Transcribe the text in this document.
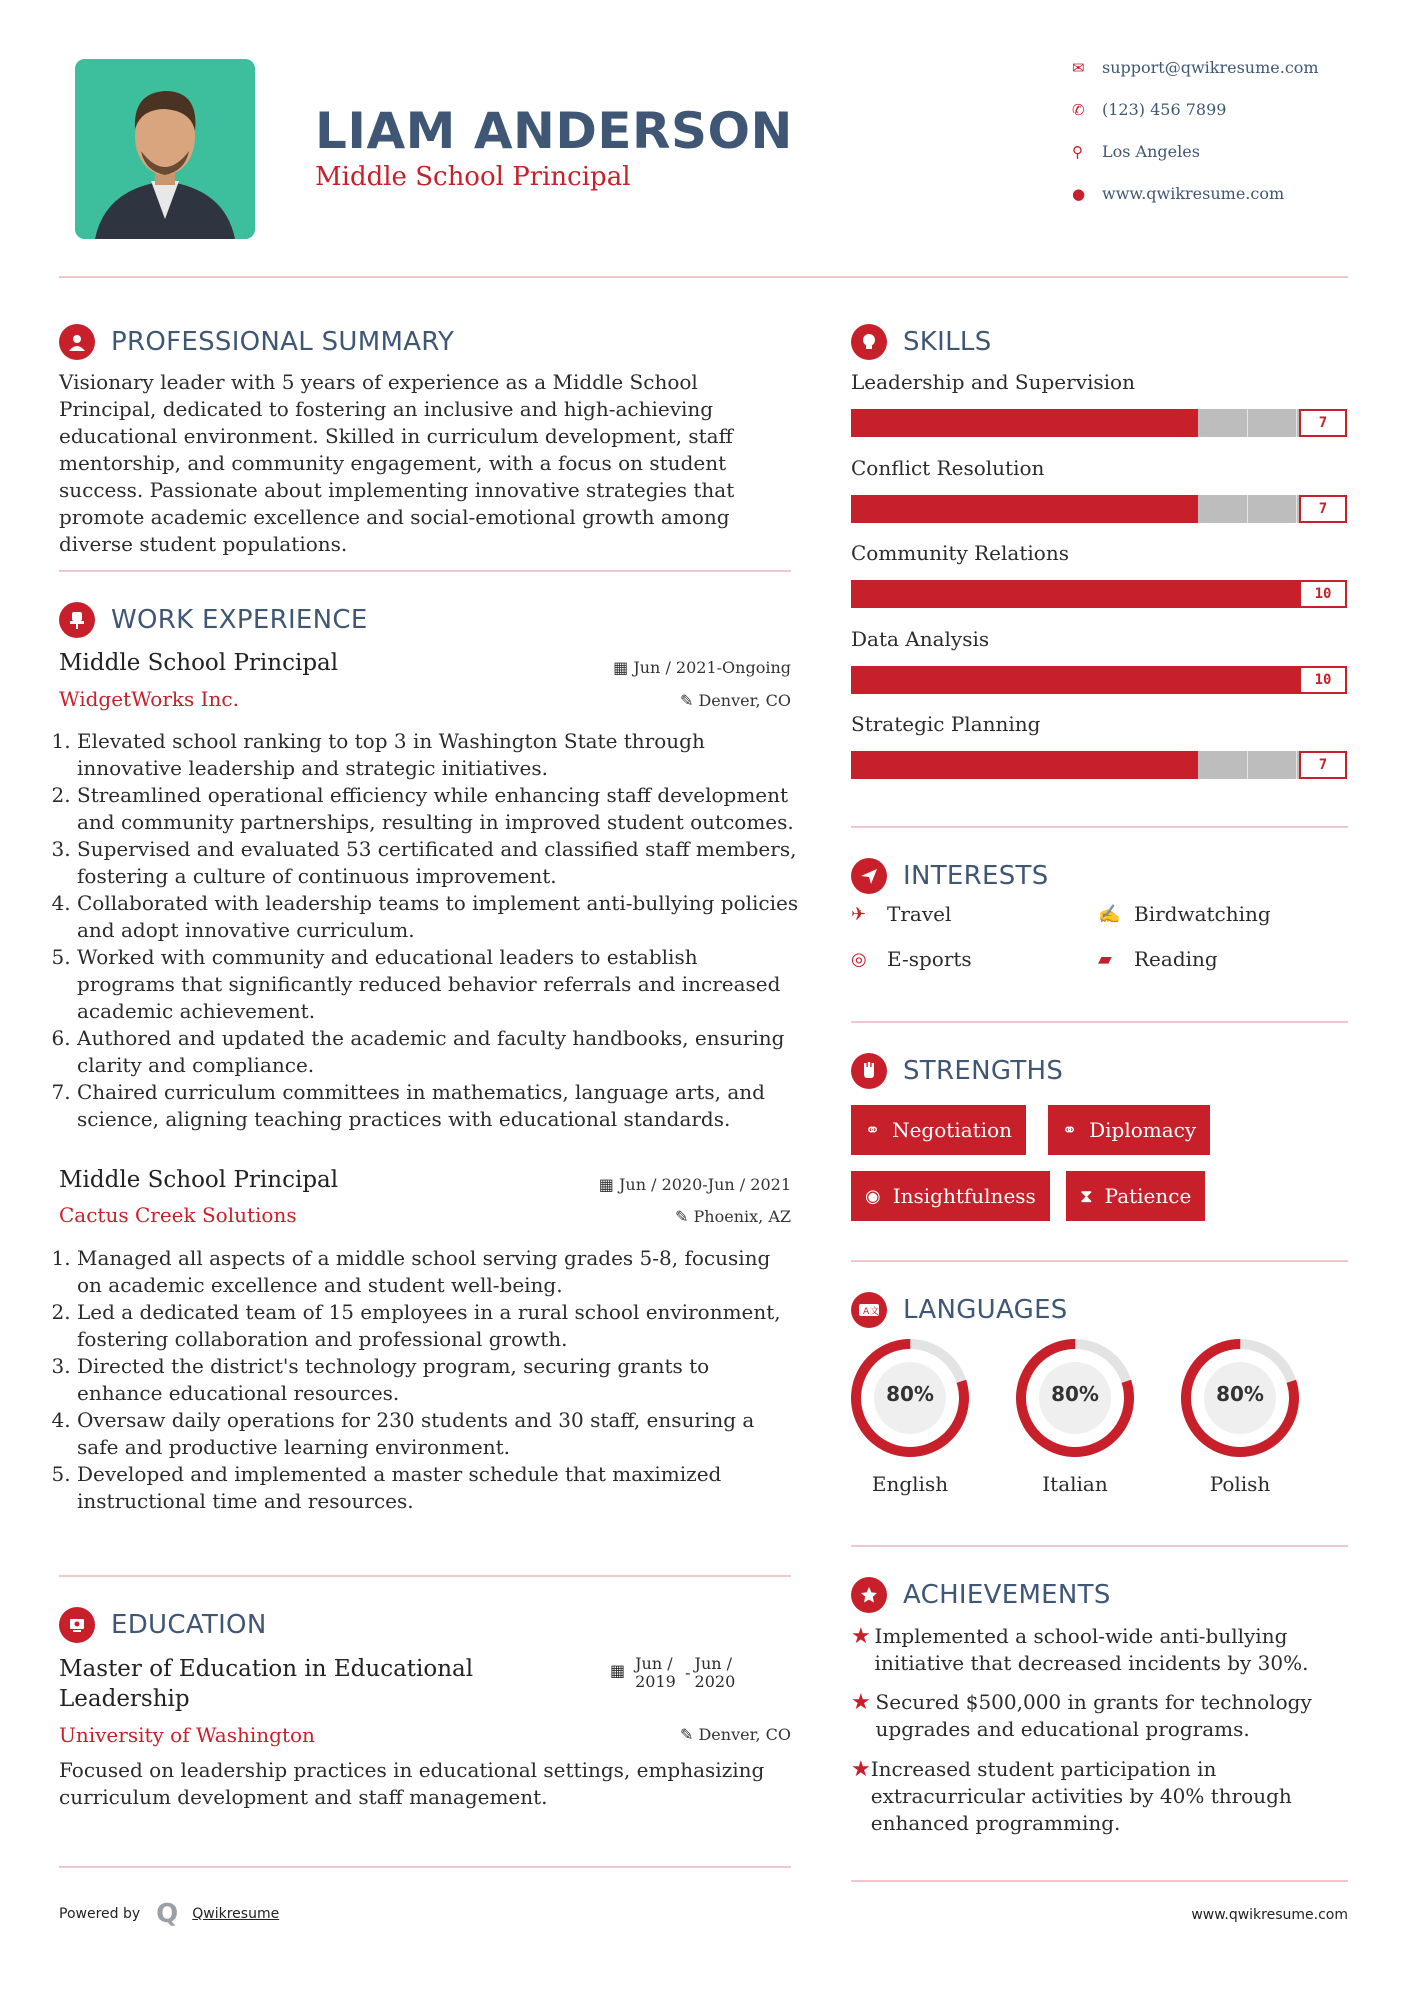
LIAM ANDERSON
Middle School Principal
✉	support@qwikresume.com
✆	(123) 456 7899
⚲	Los Angeles
●	www.qwikresume.com
PROFESSIONAL SUMMARY
Visionary leader with 5 years of experience as a Middle School Principal, dedicated to fostering an inclusive and high-achieving educational environment. Skilled in curriculum development, staff mentorship, and community engagement, with a focus on student success. Passionate about implementing innovative strategies that promote academic excellence and social-emotional growth among diverse student populations.
WORK EXPERIENCE
Middle School Principal	▦ Jun / 2021-Ongoing
WidgetWorks Inc.	✎ Denver, CO
1. Elevated school ranking to top 3 in Washington State through innovative leadership and strategic initiatives.
2. Streamlined operational efficiency while enhancing staff development and community partnerships, resulting in improved student outcomes.
3. Supervised and evaluated 53 certificated and classified staff members, fostering a culture of continuous improvement.
4. Collaborated with leadership teams to implement anti-bullying policies and adopt innovative curriculum.
5. Worked with community and educational leaders to establish programs that significantly reduced behavior referrals and increased academic achievement.
6. Authored and updated the academic and faculty handbooks, ensuring clarity and compliance.
7. Chaired curriculum committees in mathematics, language arts, and science, aligning teaching practices with educational standards.
Middle School Principal	▦ Jun / 2020-Jun / 2021
Cactus Creek Solutions	✎ Phoenix, AZ
1. Managed all aspects of a middle school serving grades 5-8, focusing on academic excellence and student well-being.
2. Led a dedicated team of 15 employees in a rural school environment, fostering collaboration and professional growth.
3. Directed the district's technology program, securing grants to enhance educational resources.
4. Oversaw daily operations for 230 students and 30 staff, ensuring a safe and productive learning environment.
5. Developed and implemented a master schedule that maximized instructional time and resources.
EDUCATION
Master of Education in Educational Leadership
▦ Jun / 2019 - Jun / 2020
University of Washington	✎ Denver, CO
Focused on leadership practices in educational settings, emphasizing curriculum development and staff management.
SKILLS
Leadership and Supervision
7
Conflict Resolution
7
Community Relations
10
Data Analysis
10
Strategic Planning
7
INTERESTS
✈	Travel	✍ Birdwatching
◎	E-sports	▰	Reading
STRENGTHS
⚭ Negotiation	⚭ Diplomacy
◉ Insightfulness ⧗ Patience
A 文 LANGUAGES
80%
English
80%
Italian
80%
Polish
ACHIEVEMENTS
★ Implemented a school-wide anti-bullying initiative that decreased incidents by 30%.
★ Secured $500,000 in grants for technology upgrades and educational programs.
★ Increased student participation in extracurricular activities by 40% through enhanced programming.
Powered by Q Qwikresume	www.qwikresume.com
